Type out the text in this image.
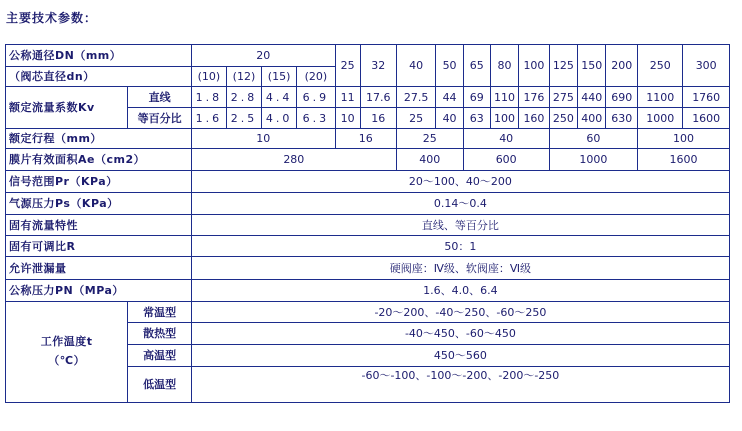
主要技术参数：
公称通径DN（mm）		20				25	32	40	50	65	80	100	125	150	200	250	300
（阀芯直径dn）		(10)	(12)	(15)	(20)												
额定流量系数Kv	直线	1.8	2.8	4.4	6.9	11	17.6	27.5	44	69	110	176	275	440	690	1100	1760
	等百分比	1.6	2.5	4.0	6.3	10	16	25	40	63	100	160	250	400	630	1000	1600
额定行程（mm）		10				16		25		40			60			100	
膜片有效面积Ae（cm2）		280						400		600			1000			1600	
信号范围Pr（KPa）		20～100、40～200															
气源压力Ps（KPa）		0.14～0.4															
固有流量特性		直线、等百分比															
固有可调比R		50：1															
允许泄漏量		硬阀座：Ⅳ级、软阀座：Ⅵ级															
公称压力PN（MPa）		1.6、4.0、6.4															

工作温度t
（℃）	常温型	-20～200、-40～250、-60～250															
	散热型	-40～450、-60～450															
	高温型	450～560															
	低温型	-60～-100、-100～-200、-200～-250															
